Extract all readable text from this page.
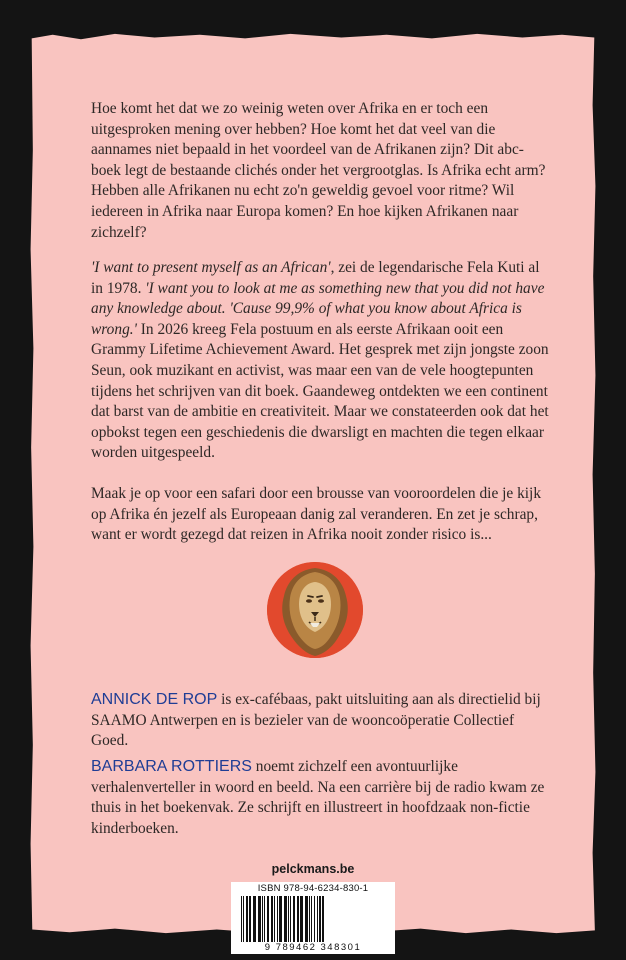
Hoe komt het dat we zo weinig weten over Afrika en er toch een uitgesproken mening over hebben? Hoe komt het dat veel van die aannames niet bepaald in het voordeel van de Afrikanen zijn? Dit abc-boek legt de bestaande clichés onder het vergrootglas. Is Afrika echt arm? Hebben alle Afrikanen nu echt zo'n geweldig gevoel voor ritme? Wil iedereen in Afrika naar Europa komen? En hoe kijken Afrikanen naar zichzelf?

'I want to present myself as an African', zei de legendarische Fela Kuti al in 1978. 'I want you to look at me as something new that you did not have any knowledge about. 'Cause 99,9% of what you know about Africa is wrong.' In 2026 kreeg Fela postuum en als eerste Afrikaan ooit een Grammy Lifetime Achievement Award. Het gesprek met zijn jongste zoon Seun, ook muzikant en activist, was maar een van de vele hoogtepunten tijdens het schrijven van dit boek. Gaandeweg ontdekten we een continent dat barst van de ambitie en creativiteit. Maar we constateerden ook dat het opbokst tegen een geschiedenis die dwarsligt en machten die tegen elkaar worden uitgespeeld.

Maak je op voor een safari door een brousse van vooroordelen die je kijk op Afrika én jezelf als Europeaan danig zal veranderen. En zet je schrap, want er wordt gezegd dat reizen in Afrika nooit zonder risico is...

ANNICK DE ROP is ex-cafébaas, pakt uitsluiting aan als directielid bij SAAMO Antwerpen en is bezieler van de wooncoöperatie Collectief Goed.
BARBARA ROTTIERS noemt zichzelf een avontuurlijke verhalenverteller in woord en beeld. Na een carrière bij de radio kwam ze thuis in het boekenvak. Ze schrijft en illustreert in hoofdzaak non-fictie kinderboeken.
pelckmans.be
ISBN 978-94-6234-830-1
9 789462 348301
